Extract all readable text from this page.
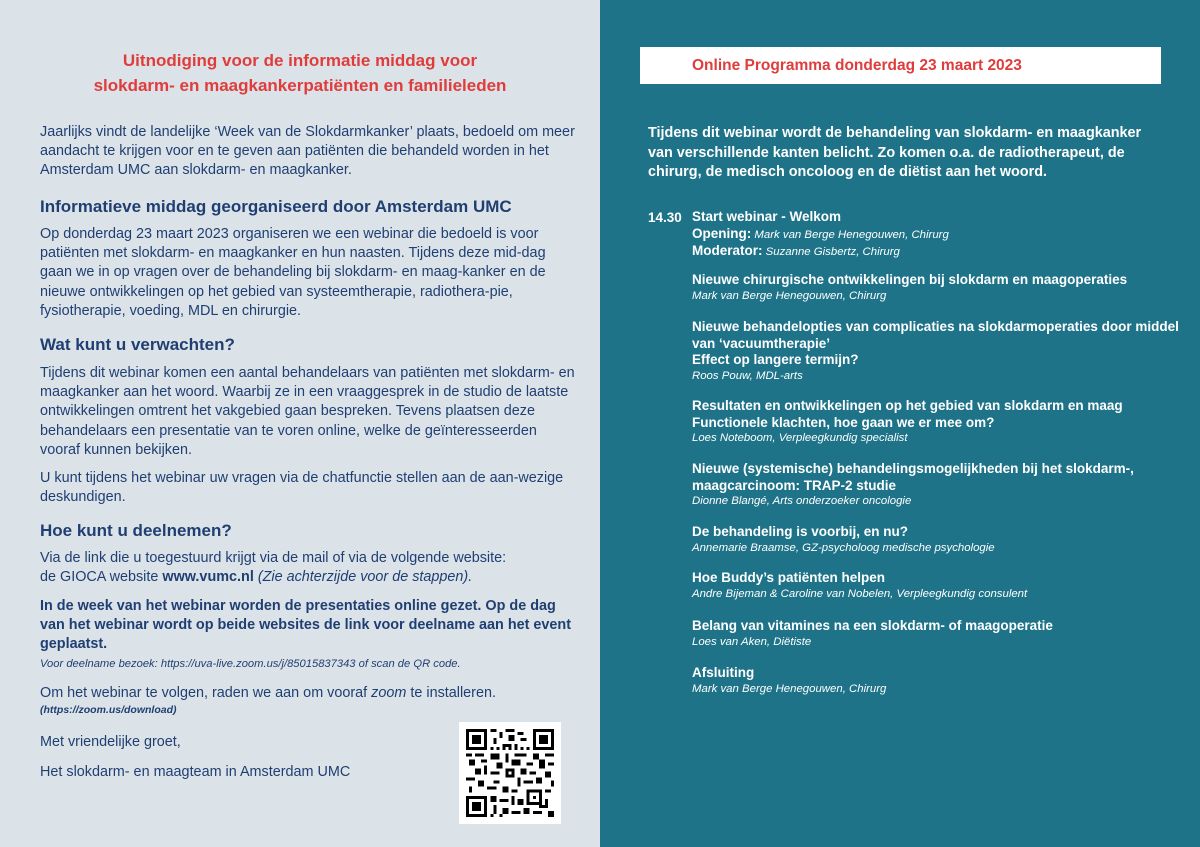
Uitnodiging voor de informatie middag voor
slokdarm- en maagkankerpatiënten en familieleden
Jaarlijks vindt de landelijke ‘Week van de Slokdarmkanker’ plaats, bedoeld om meer aandacht te krijgen voor en te geven aan patiënten die behandeld worden in het Amsterdam UMC aan slokdarm- en maagkanker.
Informatieve middag georganiseerd door Amsterdam UMC
Op donderdag 23 maart 2023 organiseren we een webinar die bedoeld is voor patiënten met slokdarm- en maagkanker en hun naasten. Tijdens deze mid-dag gaan we in op vragen over de behandeling bij slokdarm- en maag-kanker en de nieuwe ontwikkelingen op het gebied van systeemtherapie, radiothera-pie, fysiotherapie, voeding, MDL en chirurgie.
Wat kunt u verwachten?
Tijdens dit webinar komen een aantal behandelaars van patiënten met slokdarm- en maagkanker aan het woord. Waarbij ze in een vraaggesprek in de studio de laatste ontwikkelingen omtrent het vakgebied gaan bespreken. Tevens plaatsen deze behandelaars een presentatie van te voren online, welke de geïnteresseerden vooraf kunnen bekijken.
U kunt tijdens het webinar uw vragen via de chatfunctie stellen aan de aan-wezige deskundigen.
Hoe kunt u deelnemen?
Via de link die u toegestuurd krijgt via de mail of via de volgende website:
de GIOCA website www.vumc.nl (Zie achterzijde voor de stappen).
In de week van het webinar worden de presentaties online gezet. Op de dag van het webinar wordt op beide websites de link voor deelname aan het event geplaatst.
Voor deelname bezoek: https://uva-live.zoom.us/j/85015837343 of scan de QR code.
Om het webinar te volgen, raden we aan om vooraf zoom te installeren.
(https://zoom.us/download)
Met vriendelijke groet,
Het slokdarm- en maagteam in Amsterdam UMC
Online Programma donderdag 23 maart 2023
Tijdens dit webinar wordt de behandeling van slokdarm- en maagkanker van verschillende kanten belicht. Zo komen o.a. de radiotherapeut, de chirurg, de medisch oncoloog en de diëtist aan het woord.
14.30 Start webinar - Welkom
Opening: Mark van Berge Henegouwen, Chirurg
Moderator: Suzanne Gisbertz, Chirurg
Nieuwe chirurgische ontwikkelingen bij slokdarm en maagoperaties
Mark van Berge Henegouwen, Chirurg
Nieuwe behandelopties van complicaties na slokdarmoperaties door middel van ‘vacuumtherapie’
Effect op langere termijn?
Roos Pouw, MDL-arts
Resultaten en ontwikkelingen op het gebied van slokdarm en maag
Functionele klachten, hoe gaan we er mee om?
Loes Noteboom, Verpleegkundig specialist
Nieuwe (systemische) behandelingsmogelijkheden bij het slokdarm-, maagcarcinoom: TRAP-2 studie
Dionne Blangé, Arts onderzoeker oncologie
De behandeling is voorbij, en nu?
Annemarie Braamse, GZ-psycholoog medische psychologie
Hoe Buddy’s patiënten helpen
Andre Bijeman & Caroline van Nobelen, Verpleegkundig consulent
Belang van vitamines na een slokdarm- of maagoperatie
Loes van Aken, Diëtiste
Afsluiting
Mark van Berge Henegouwen, Chirurg
